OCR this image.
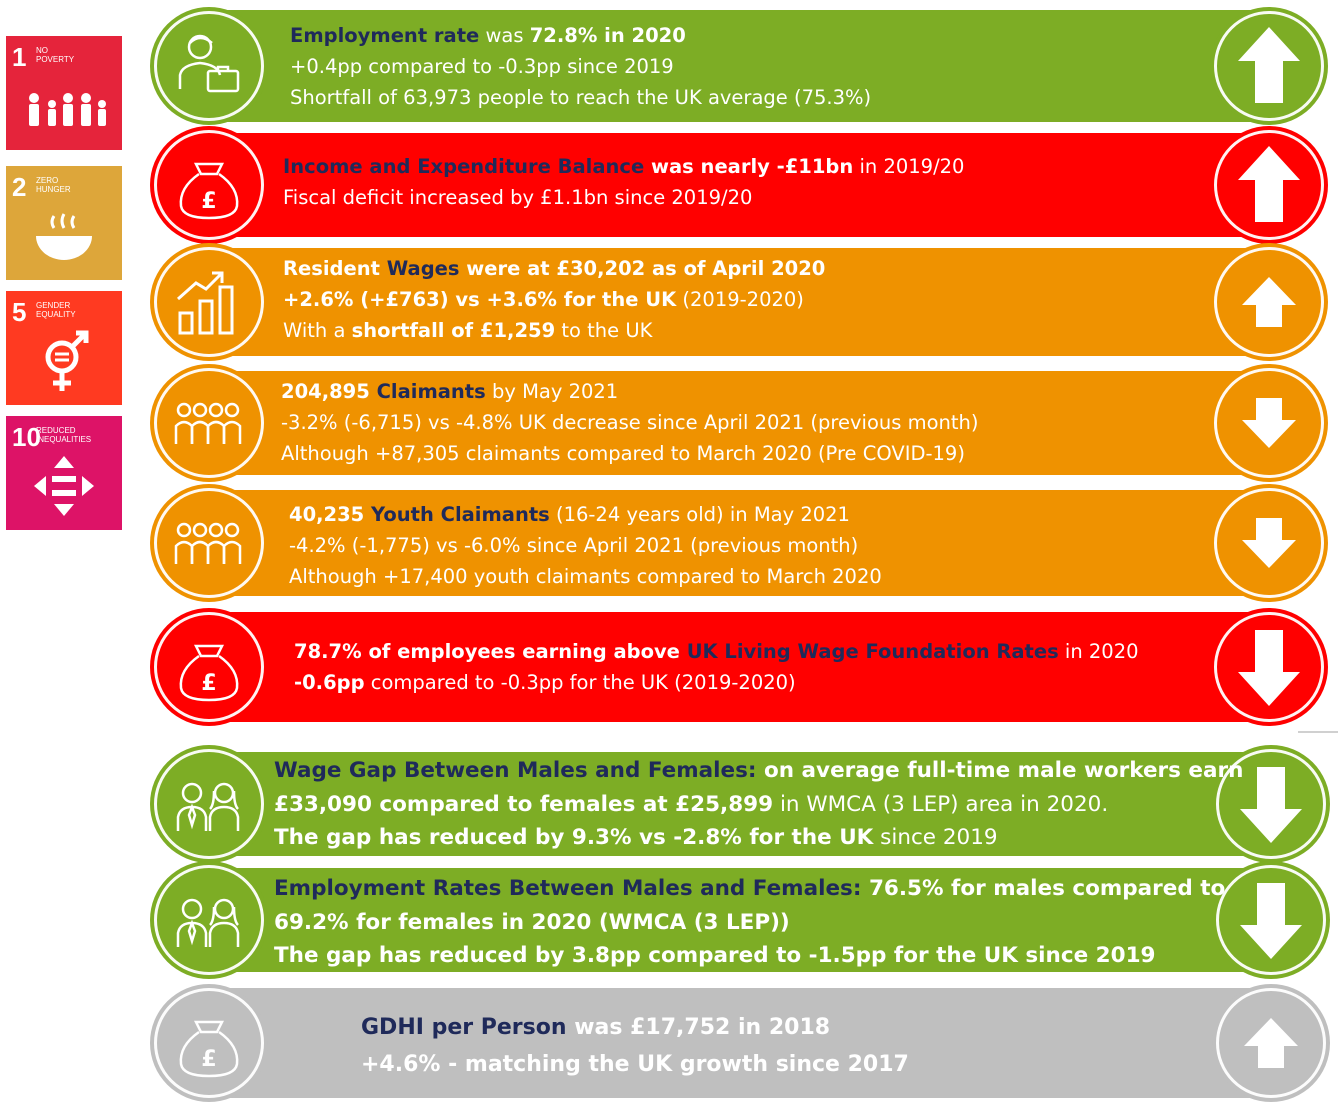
1 NO
POVERTY
2 ZERO
HUNGER
5 GENDER
EQUALITY
10
REDUCED
INEQUALITIES
Employment rate was 72.8% in 2020
+0.4pp compared to -0.3pp since 2019
Shortfall of 63,973 people to reach the UK average (75.3%)
£
Income and Expenditure Balance was nearly -£11bn in 2019/20
Fiscal deficit increased by £1.1bn since 2019/20
Resident Wages were at £30,202 as of April 2020
+2.6% (+£763) vs +3.6% for the UK (2019-2020)
With a shortfall of £1,259 to the UK
204,895 Claimants by May 2021
-3.2% (-6,715) vs -4.8% UK decrease since April 2021 (previous month)
Although +87,305 claimants compared to March 2020 (Pre COVID-19)
40,235 Youth Claimants (16-24 years old) in May 2021
-4.2% (-1,775) vs -6.0% since April 2021 (previous month)
Although +17,400 youth claimants compared to March 2020
£
78.7% of employees earning above UK Living Wage Foundation Rates in 2020
-0.6pp compared to -0.3pp for the UK (2019-2020)
Wage Gap Between Males and Females: on average full-time male workers earn
£33,090 compared to females at £25,899 in WMCA (3 LEP) area in 2020.
The gap has reduced by 9.3% vs -2.8% for the UK since 2019
Employment Rates Between Males and Females: 76.5% for males compared to
69.2% for females in 2020 (WMCA (3 LEP))
The gap has reduced by 3.8pp compared to -1.5pp for the UK since 2019
£
GDHI per Person was £17,752 in 2018
+4.6% - matching the UK growth since 2017
